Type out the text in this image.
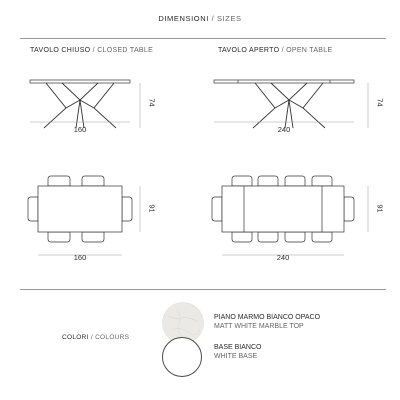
DIMENSIONI / SIZES
TAVOLO CHIUSO / CLOSED TABLE	TAVOLO APERTO / OPEN TABLE
160
74
240
74
160
91
240
91
COLORI / COLOURS
PIANO MARMO BIANCO OPACO
MATT WHITE MARBLE TOP
BASE BIANCO
WHITE BASE
